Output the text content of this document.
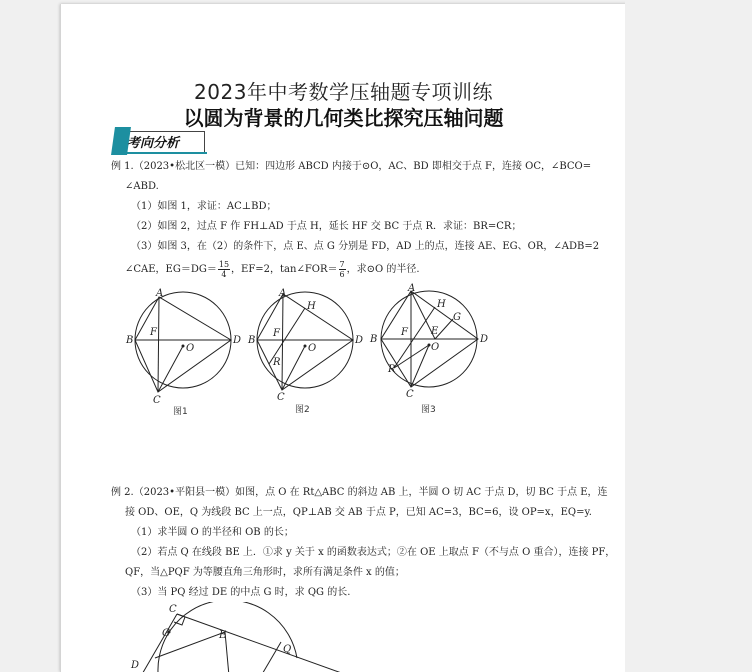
2023年中考数学压轴题专项训练
以圆为背景的几何类比探究压轴问题
考向分析
例 1.（2023•松北区一模）已知：四边形 ABCD 内接于⊙O，AC、BD 即相交于点 F，连接 OC，∠BCO=
∠ABD.
（1）如图 1，求证：AC⊥BD；
（2）如图 2，过点 F 作 FH⊥AD 于点 H，延长 HF 交 BC 于点 R．求证：BR=CR；
（3）如图 3，在（2）的条件下，点 E、点 G 分别是 FD，AD 上的点，连接 AE、EG、OR，∠ADB=2
∠CAE，$EG=DG= \frac{15}{4}$ ，EF=2，tan∠FOR＝ $\frac{7}{6}$ ，求⊙O 的半径.
A
B
C
D
F
O
图1
A
H
B	D
F
O
R
C
图2
A
H
G
B	D
F E
O
R
C
图3
例 2.（2023•平阳县一模）如图，点 O 在 Rt△ABC 的斜边 AB 上，半圆 O 切 AC 于点 D，切 BC 于点 E，连
接 OD、OE，Q 为线段 BC 上一点，QP⊥AB 交 AB 于点 P，已知 AC=3，BC=6，设 OP=x，EQ=y.
（1）求半圆 O 的半径和 OB 的长；
（2）若点 Q 在线段 BE 上．①求 y 关于 x 的函数表达式；②在 OE 上取点 F（不与点 O 重合），连接 PF，
QF，当△PQF 为等腰直角三角形时，求所有满足条件 x 的值；
（3）当 PQ 经过 DE 的中点 G 时，求 QG 的长.
C
G	E
Q
D
